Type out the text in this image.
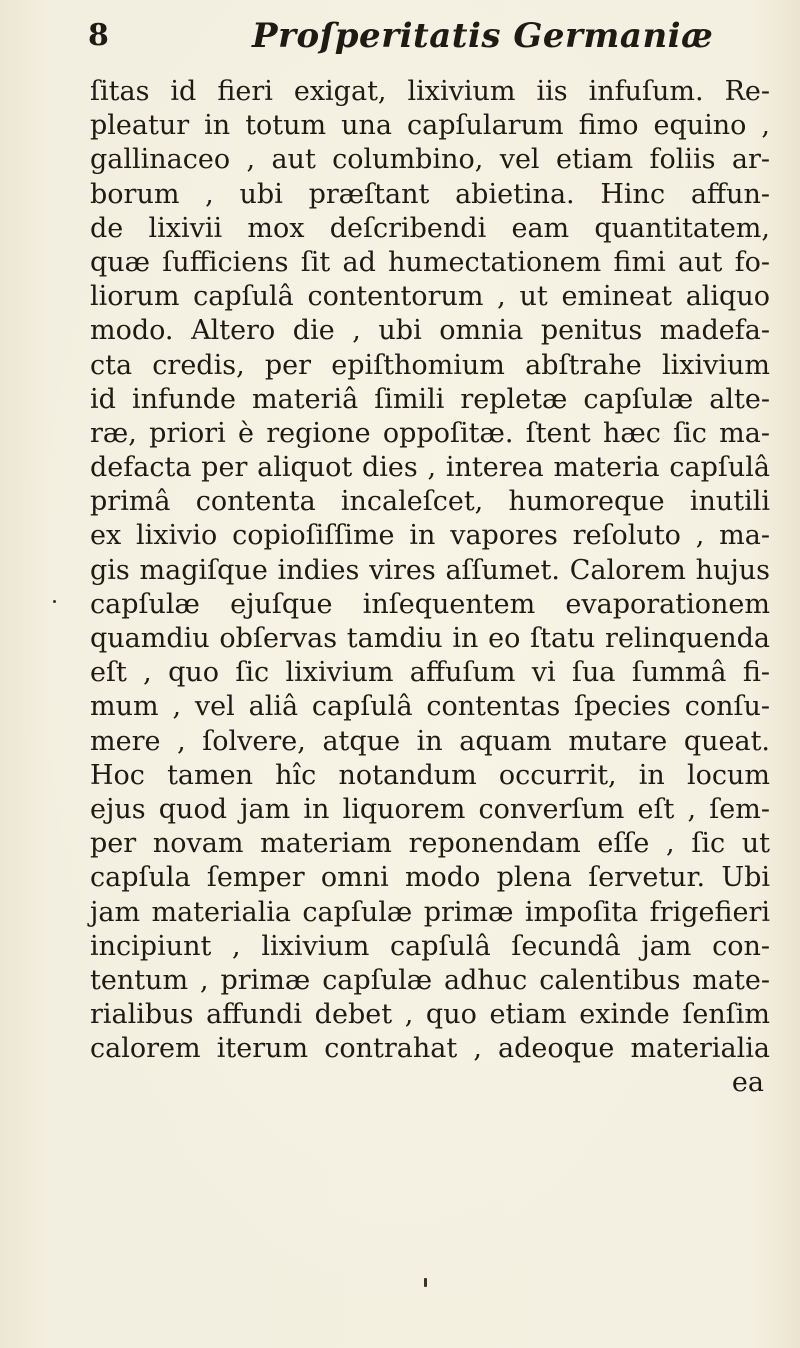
8	Proſperitatis Germaniæ
ſitas id fieri exigat, lixivium iis infuſum. Re-
pleatur in totum una capſularum fimo equino ,
gallinaceo , aut columbino, vel etiam foliis ar-
borum , ubi præſtant abietina. Hinc affun-
de lixivii mox deſcribendi eam quantitatem,
quæ ſufficiens ſit ad humectationem fimi aut fo-
liorum capſulâ contentorum , ut emineat aliquo
modo. Altero die , ubi omnia penitus madefa-
cta credis, per epiſthomium abſtrahe lixivium
id infunde materiâ ſimili repletæ capſulæ alte-
ræ, priori è regione oppoſitæ. ſtent hæc ſic ma-
defacta per aliquot dies , interea materia capſulâ
primâ contenta incaleſcet, humoreque inutili
ex lixivio copioſiſſime in vapores reſoluto , ma-
gis magiſque indies vires aſſumet. Calorem hujus
capſulæ ejuſque inſequentem evaporationem
quamdiu obſervas tamdiu in eo ſtatu relinquenda
eſt , quo ſic lixivium affuſum vi ſua ſummâ fi-
mum , vel aliâ capſulâ contentas ſpecies conſu-
mere , ſolvere, atque in aquam mutare queat.
Hoc tamen hîc notandum occurrit, in locum
ejus quod jam in liquorem converſum eſt , ſem-
per novam materiam reponendam eſſe , ſic ut
capſula ſemper omni modo plena ſervetur. Ubi
jam materialia capſulæ primæ impoſita frigefieri
incipiunt , lixivium capſulâ ſecundâ jam con-
tentum , primæ capſulæ adhuc calentibus mate-
rialibus affundi debet , quo etiam exinde ſenſim
calorem iterum contrahat , adeoque materialia
ea
